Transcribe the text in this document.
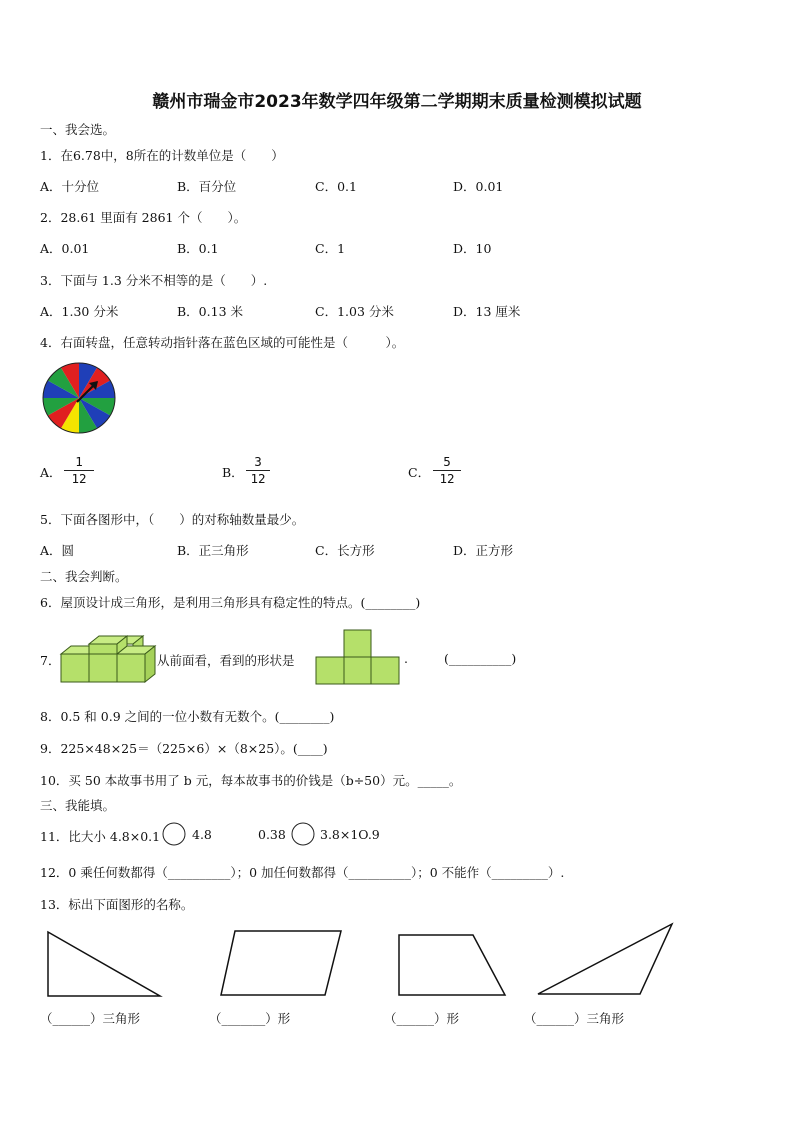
赣州市瑞金市2023年数学四年级第二学期期末质量检测模拟试题
一、我会选。
1．在6.78中，8所在的计数单位是（　　）
A．十分位	B．百分位	C．0.1	D．0.01
2．28.61 里面有 2861 个（　　）。
A．0.01	B．0.1	C．1	D．10
3．下面与 1.3 分米不相等的是（　　）.
A．1.30 分米	B．0.13 米	C．1.03 分米	D．13 厘米
4．右面转盘，任意转动指针落在蓝色区域的可能性是（　　　）。
A．
1
12	B．
3
12	C．
5
12
5．下面各图形中，（　　）的对称轴数量最少。
A．圆	B．正三角形	C．长方形	D．正方形
二、我会判断。
6．屋顶设计成三角形，是利用三角形具有稳定性的特点。(________)
7．	从前面看，看到的形状是	.	(__________)
8．0.5 和 0.9 之间的一位小数有无数个。(________)
9．225×48×25＝（225×6）×（8×25）。(____)
10．买 50 本故事书用了 b 元，每本故事书的价钱是（b÷50）元。_____。
三、我能填。
11．比大小 4.8×0.1	4.8	0.38	3.8×1O.9
12．0 乘任何数都得（__________）；0 加任何数都得（__________）；0 不能作（_________）.
13．标出下面图形的名称。
（______）三角形	（_______）形	（______）形	（______）三角形
